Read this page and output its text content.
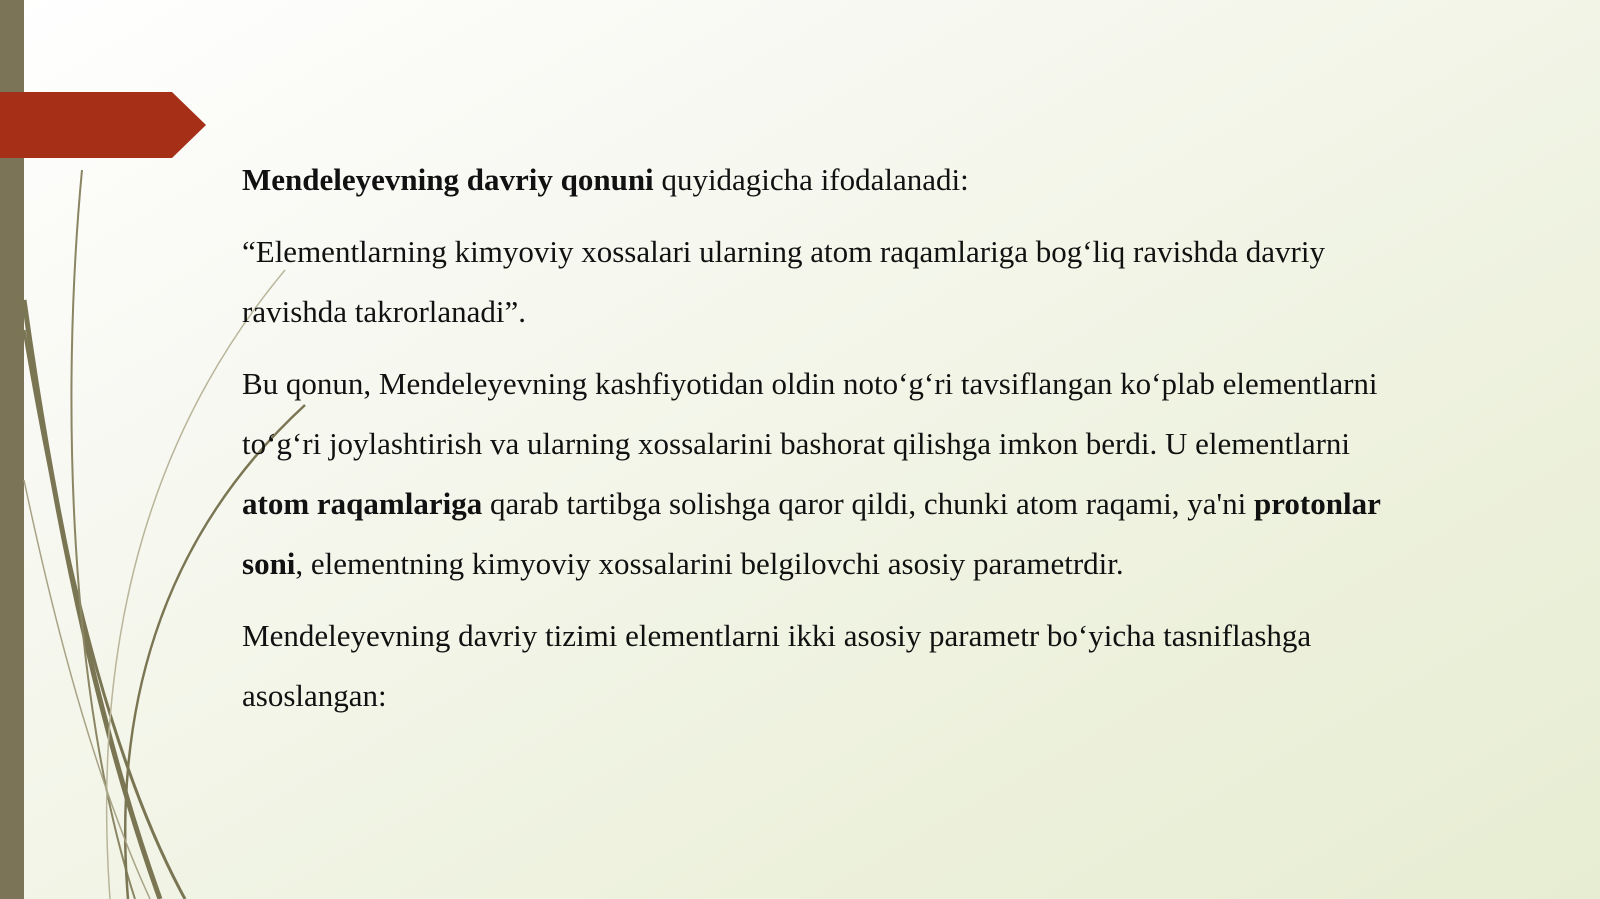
Mendeleyevning davriy qonuni quyidagicha ifodalanadi:

“Elementlarning kimyoviy xossalari ularning atom raqamlariga bog‘liq ravishda davriy ravishda takrorlanadi”.

Bu qonun, Mendeleyevning kashfiyotidan oldin noto‘g‘ri tavsiflangan ko‘plab elementlarni to‘g‘ri joylashtirish va ularning xossalarini bashorat qilishga imkon berdi. U elementlarni atom raqamlariga qarab tartibga solishga qaror qildi, chunki atom raqami, ya'ni protonlar soni, elementning kimyoviy xossalarini belgilovchi asosiy parametrdir.

Mendeleyevning davriy tizimi elementlarni ikki asosiy parametr bo‘yicha tasniflashga asoslangan:
